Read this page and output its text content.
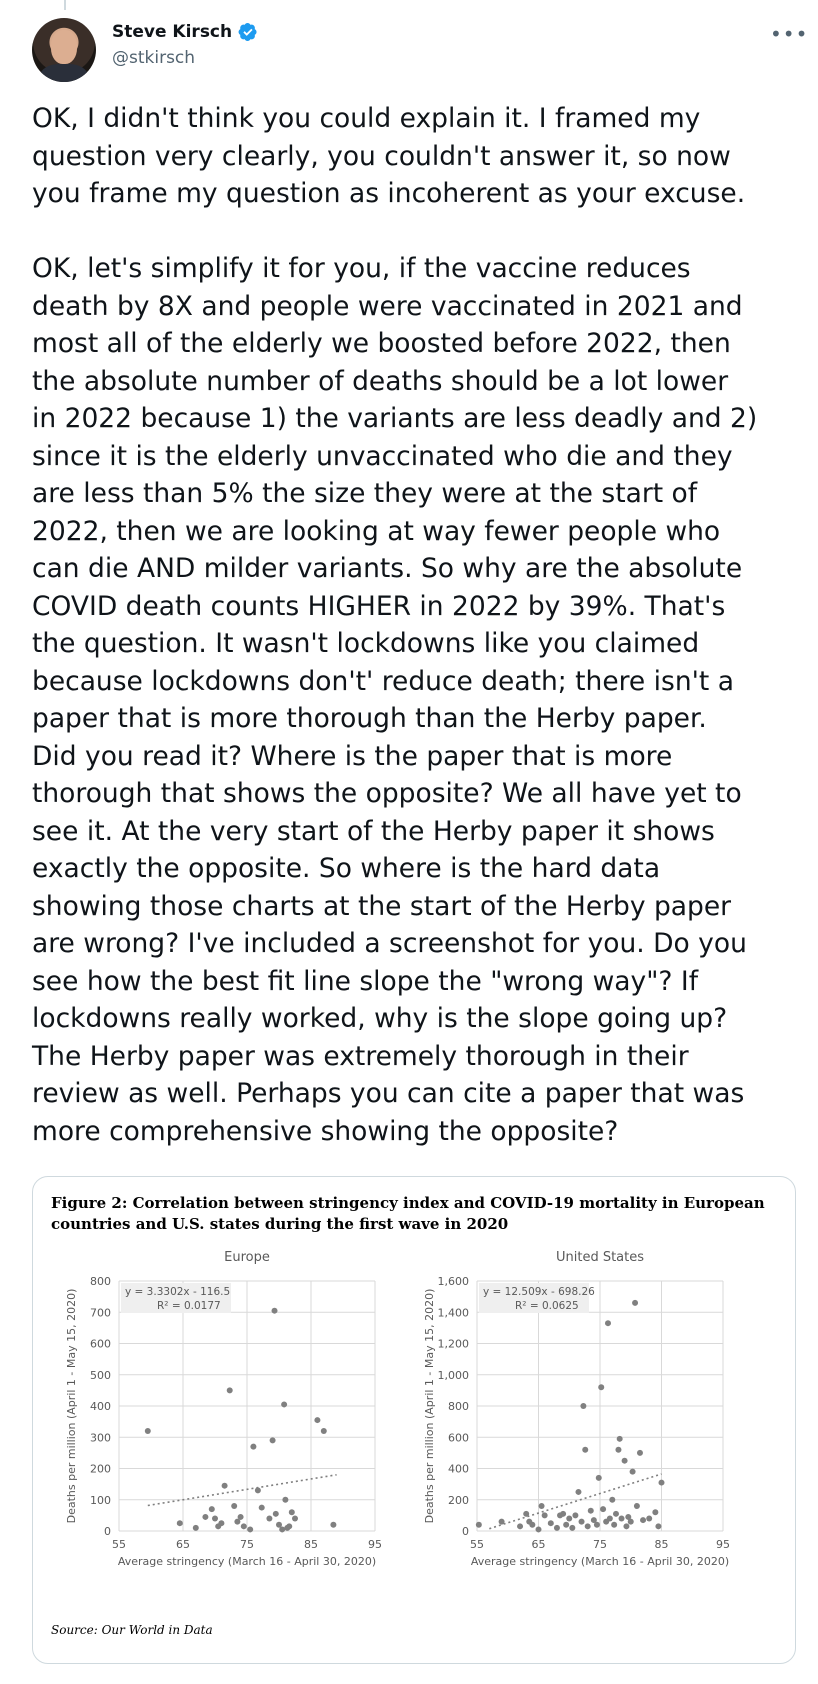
Steve Kirsch
@stkirsch
•••

OK, I didn't think you could explain it. I framed my

question very clearly, you couldn't answer it, so now

you frame my question as incoherent as your excuse.

OK, let's simplify it for you, if the vaccine reduces

death by 8X and people were vaccinated in 2021 and

most all of the elderly we boosted before 2022, then

the absolute number of deaths should be a lot lower

in 2022 because 1) the variants are less deadly and 2)

since it is the elderly unvaccinated who die and they

are less than 5% the size they were at the start of

2022, then we are looking at way fewer people who

can die AND milder variants. So why are the absolute

COVID death counts HIGHER in 2022 by 39%. That's

the question. It wasn't lockdowns like you claimed

because lockdowns don't' reduce death; there isn't a

paper that is more thorough than the Herby paper.

Did you read it? Where is the paper that is more

thorough that shows the opposite? We all have yet to

see it. At the very start of the Herby paper it shows

exactly the opposite. So where is the hard data

showing those charts at the start of the Herby paper

are wrong? I've included a screenshot for you. Do you

see how the best fit line slope the "wrong way"? If

lockdowns really worked, why is the slope going up?

The Herby paper was extremely thorough in their

review as well. Perhaps you can cite a paper that was

more comprehensive showing the opposite?

Figure 2: Correlation between stringency index and COVID-19 mortality in European countries and U.S. states during the first wave in 2020
Europe
0
100
200
300
400
500
600
700
800
55	65	75	85	95
Average stringency (March 16 - April 30, 2020)
Deaths per million (April 1 - May 15, 2020)	y = 3.3302x - 116.5
R² = 0.0177
United States
0
200
400
600
800
1,000
1,200
1,400
1,600
55	65	75	85	95
Average stringency (March 16 - April 30, 2020)
Deaths per million (April 1 - May 15, 2020)	y = 12.509x - 698.26
R² = 0.0625
Source: Our World in Data
